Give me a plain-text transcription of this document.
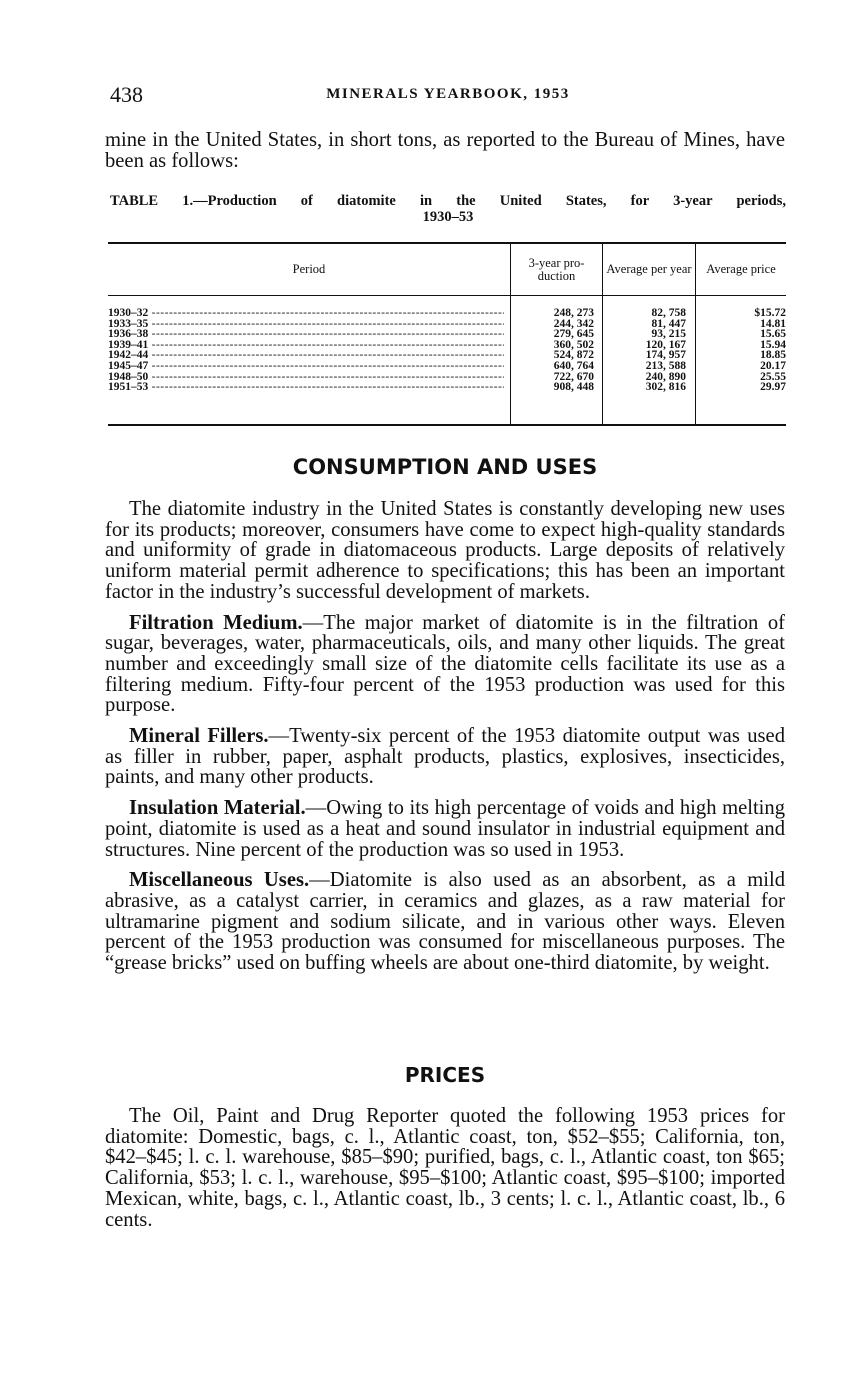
438	MINERALS YEARBOOK, 1953
mine in the United States, in short tons, as reported to the Bureau of Mines, have been as follows:
TABLE 1.—Production of diatomite in the United States, for 3-year periods,
1930–53
Period	3-year pro-duction	Average per year	Average price
1930–32 -----	248, 273	82, 758	$15.72
1933–35 -----	244, 342	81, 447	14.81
1936–38 -----	279, 645	93, 215	15.65
1939–41 -----	360, 502	120, 167	15.94
1942–44 -----	524, 872	174, 957	18.85
1945–47 -----	640, 764	213, 588	20.17
1948–50 -----	722, 670	240, 890	25.55
1951–53 -----	908, 448	302, 816	29.97
CONSUMPTION AND USES

The diatomite industry in the United States is constantly developing new uses for its products; moreover, consumers have come to expect high-quality standards and uniformity of grade in diatomaceous products. Large deposits of relatively uniform material permit adherence to specifications; this has been an important factor in the industry’s successful development of markets.

Filtration Medium.—The major market of diatomite is in the filtration of sugar, beverages, water, pharmaceuticals, oils, and many other liquids. The great number and exceedingly small size of the diatomite cells facilitate its use as a filtering medium. Fifty-four percent of the 1953 production was used for this purpose.

Mineral Fillers.—Twenty-six percent of the 1953 diatomite output was used as filler in rubber, paper, asphalt products, plastics, explosives, insecticides, paints, and many other products.

Insulation Material.—Owing to its high percentage of voids and high melting point, diatomite is used as a heat and sound insulator in industrial equipment and structures. Nine percent of the production was so used in 1953.

Miscellaneous Uses.—Diatomite is also used as an absorbent, as a mild abrasive, as a catalyst carrier, in ceramics and glazes, as a raw material for ultramarine pigment and sodium silicate, and in various other ways. Eleven percent of the 1953 production was consumed for miscellaneous purposes. The “grease bricks” used on buffing wheels are about one-third diatomite, by weight.

PRICES

The Oil, Paint and Drug Reporter quoted the following 1953 prices for diatomite: Domestic, bags, c. l., Atlantic coast, ton, $52–$55; California, ton, $42–$45; l. c. l. warehouse, $85–$90; purified, bags, c. l., Atlantic coast, ton $65; California, $53; l. c. l., warehouse, $95–$100; Atlantic coast, $95–$100; imported Mexican, white, bags, c. l., Atlantic coast, lb., 3 cents; l. c. l., Atlantic coast, lb., 6 cents.
